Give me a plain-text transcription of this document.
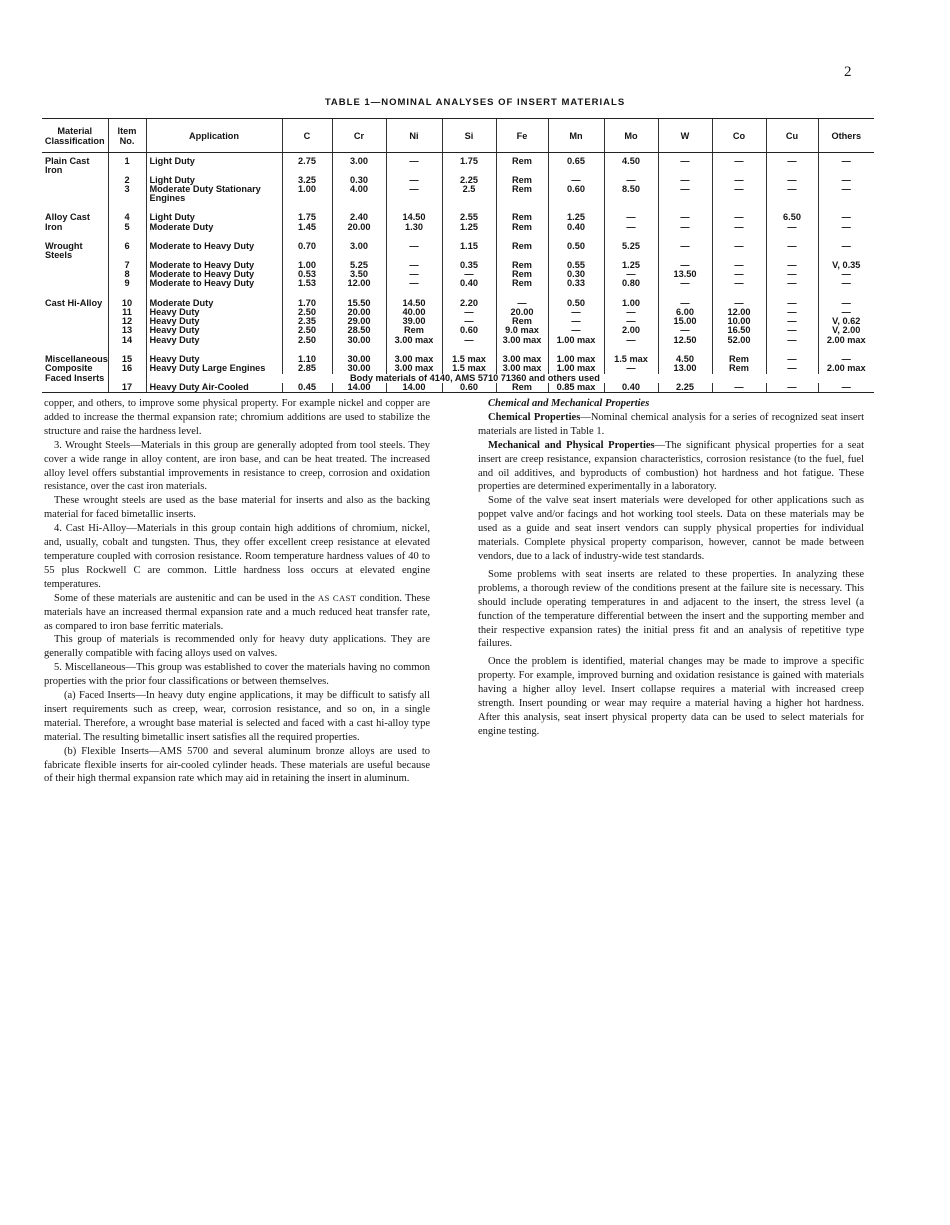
2
TABLE 1—NOMINAL ANALYSES OF INSERT MATERIALS
Material Classification	Item No.	Application	C	Cr	Ni	Si	Fe	Mn	Mo	W	Co	Cu	Others
Plain Cast Iron	1	Light Duty	2.75	3.00	—	1.75	Rem	0.65	4.50	—	—	—	—
	2	Light Duty	3.25	0.30	—	2.25	Rem	—	—	—	—	—	—
	3	Moderate Duty Stationary Engines	1.00	4.00	—	2.5	Rem	0.60	8.50	—	—	—	—
Alloy Cast	4	Light Duty	1.75	2.40	14.50	2.55	Rem	1.25	—	—	—	6.50	—
Iron	5	Moderate Duty	1.45	20.00	1.30	1.25	Rem	0.40	—	—	—	—	—
Wrought Steels	6	Moderate to Heavy Duty	0.70	3.00	—	1.15	Rem	0.50	5.25	—	—	—	—
	7	Moderate to Heavy Duty	1.00	5.25	—	0.35	Rem	0.55	1.25	—	—	—	V, 0.35
	8	Moderate to Heavy Duty	0.53	3.50	—	—	Rem	0.30	—	13.50	—	—	—
	9	Moderate to Heavy Duty	1.53	12.00	—	0.40	Rem	0.33	0.80	—	—	—	—
Cast Hi-Alloy	10	Moderate Duty	1.70	15.50	14.50	2.20	—	0.50	1.00	—	—	—	—
	11	Heavy Duty	2.50	20.00	40.00	—	20.00	—	—	6.00	12.00	—	—
	12	Heavy Duty	2.35	29.00	39.00	—	Rem	—	—	15.00	10.00	—	V, 0.62
	13	Heavy Duty	2.50	28.50	Rem	0.60	9.0 max	—	2.00	—	16.50	—	V, 2.00
	14	Heavy Duty	2.50	30.00	3.00 max	—	3.00 max	1.00 max	—	12.50	52.00	—	2.00 max
Miscellaneous	15	Heavy Duty	1.10	30.00	3.00 max	1.5 max	3.00 max	1.00 max	1.5 max	4.50	Rem	—	—
Composite	16	Heavy Duty Large Engines	2.85	30.00	3.00 max	1.5 max	3.00 max	1.00 max	—	13.00	Rem	—	2.00 max
Faced Inserts			Body materials of 4140, AMS 5710 71360 and others used										
	17	Heavy Duty Air-Cooled	0.45	14.00	14.00	0.60	Rem	0.85 max	0.40	2.25	—	—	—

copper, and others, to improve some physical property. For example nickel and copper are added to increase the thermal expansion rate; chromium additions are used to stabilize the structure and raise the hardness level.

3. Wrought Steels—Materials in this group are generally adopted from tool steels. They cover a wide range in alloy content, are iron base, and can be heat treated. The increased alloy level offers substantial improvements in resistance to creep, corrosion and oxidation resistance, over the cast iron materials.

These wrought steels are used as the base material for inserts and also as the backing material for faced bimetallic inserts.

4. Cast Hi-Alloy—Materials in this group contain high additions of chromium, nickel, and, usually, cobalt and tungsten. Thus, they offer excellent creep resistance at elevated temperature coupled with corrosion resistance. Room temperature hardness values of 40 to 55 plus Rockwell C are common. Little hardness loss occurs at elevated engine temperatures.

Some of these materials are austenitic and can be used in the AS CAST condition. These materials have an increased thermal expansion rate and a much reduced heat transfer rate, as compared to iron base ferritic materials.

This group of materials is recommended only for heavy duty applications. They are generally compatible with facing alloys used on valves.

5. Miscellaneous—This group was established to cover the materials having no common properties with the prior four classifications or between themselves.

(a) Faced Inserts—In heavy duty engine applications, it may be difficult to satisfy all insert requirements such as creep, wear, corrosion resistance, and so on, in a single material. Therefore, a wrought base material is selected and faced with a cast hi-alloy type material. The resulting bimetallic insert satisfies all the required properties.

(b) Flexible Inserts—AMS 5700 and several aluminum bronze alloys are used to fabricate flexible inserts for air-cooled cylinder heads. These materials are useful because of their high thermal expansion rate which may aid in retaining the insert in aluminum.

Chemical and Mechanical Properties

Chemical Properties—Nominal chemical analysis for a series of recognized seat insert materials are listed in Table 1.

Mechanical and Physical Properties—The significant physical properties for a seat insert are creep resistance, expansion characteristics, corrosion resistance (to the fuel, fuel and oil additives, and byproducts of combustion) hot hardness and hot fatigue. These properties are determined experimentally in a laboratory.

Some of the valve seat insert materials were developed for other applications such as poppet valve and/or facings and hot working tool steels. Data on these materials may be used as a guide and seat insert vendors can supply physical properties for individual materials. Complete physical property comparison, however, cannot be made between vendors, due to a lack of industry-wide test standards.

Some problems with seat inserts are related to these properties. In analyzing these problems, a thorough review of the conditions present at the failure site is necessary. This should include operating temperatures in and adjacent to the insert, the stress level (a function of the temperature differential between the insert and the supporting member and their respective expansion rates) the initial press fit and an analysis of repetitive type failures.

Once the problem is identified, material changes may be made to improve a specific property. For example, improved burning and oxidation resistance is gained with materials having a higher alloy level. Insert collapse requires a material with increased creep strength. Insert pounding or wear may require a material having a higher hot hardness. After this analysis, seat insert physical property data can be used to select materials for engine testing.
